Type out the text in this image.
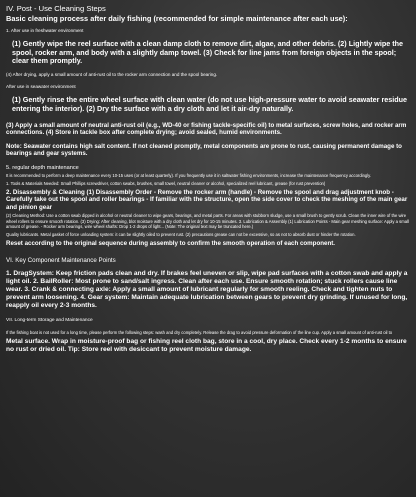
IV. Post - Use Cleaning Steps
Basic cleaning process after daily fishing (recommended for simple maintenance after each use):
1. After use in freshwater environment
(1) Gently wipe the reel surface with a clean damp cloth to remove dirt, algae, and other debris. (2) Lightly wipe the spool, rocker arm, and body with a slightly damp towel. (3) Check for line jams from foreign objects in the spool; clear them promptly.
(4) After drying, apply a small amount of anti-rust oil to the rocker arm connection and the spool bearing.
After use in seawater environment
(1) Gently rinse the entire wheel surface with clean water (do not use high-pressure water to avoid seawater residue entering the interior). (2) Dry the surface with a dry cloth and let it air-dry naturally.
(3) Apply a small amount of neutral anti-rust oil (e.g., WD-40 or fishing tackle-specific oil) to metal surfaces, screw holes, and rocker arm connections. (4) Store in tackle box after complete drying; avoid sealed, humid environments.
Note: Seawater contains high salt content. If not cleaned promptly, metal components are prone to rust, causing permanent damage to bearings and gear systems.
5. regular depth maintenance
It is recommended to perform a deep maintenance every 10-15 uses (or at least quarterly). If you frequently use it in saltwater fishing environments, increase the maintenance frequency accordingly.
1. Tools & Materials Needed: Small Phillips screwdriver, cotton swabs, brushes, small towel, neutral cleaner or alcohol, specialized reel lubricant, grease (for rust prevention)
2. Disassembly & Cleaning (1) Disassembly Order - Remove the rocker arm (handle) - Remove the spool and drag adjustment knob - Carefully take out the spool and roller bearings - If familiar with the structure, open the side cover to check the meshing of the main gear and pinion gear
(2) Cleaning Method: Use a cotton swab dipped in alcohol or neutral cleaner to wipe gears, bearings, and metal parts. For areas with stubborn sludge, use a small brush to gently scrub. Clean the inner wire of the wire wheel rollers to ensure smooth rotation. (3) Drying: After cleaning, blot moisture with a dry cloth and let dry for 10-15 minutes. 3. Lubrication & Assembly (1) Lubrication Points - Main gear meshing surface: Apply a small amount of grease. - Rocker arm bearings, wire wheel shafts: Drop 1-2 drops of light... (Note: The original text may be truncated here.)
Quality lubricants. Metal gasket of force unloading system: it can be slightly oiled to prevent rust. (2) precautions grease can not be excessive, so as not to absorb dust or hinder the rotation.
Reset according to the original sequence during assembly to confirm the smooth operation of each component.
VI. Key Component Maintenance Points
1. DragSystem: Keep friction pads clean and dry. If brakes feel uneven or slip, wipe pad surfaces with a cotton swab and apply a light oil. 2. BailRoller: Most prone to sand/salt ingress. Clean after each use. Ensure smooth rotation; stuck rollers cause line wear. 3. Crank & connecting axle: Apply a small amount of lubricant regularly for smooth reeling. Check and tighten nuts to prevent arm loosening. 4. Gear system: Maintain adequate lubrication between gears to prevent dry grinding. If unused for long, reapply oil every 2-3 months.
VII. Long-term Storage and Maintenance
If the fishing boat is not used for a long time, please perform the following steps: wash and dry completely. Release the drag to avoid pressure deformation of the line cup. Apply a small amount of anti-rust oil to
Metal surface. Wrap in moisture-proof bag or fishing reel cloth bag, store in a cool, dry place. Check every 1-2 months to ensure no rust or dried oil. Tip: Store reel with desiccant to prevent moisture damage.
